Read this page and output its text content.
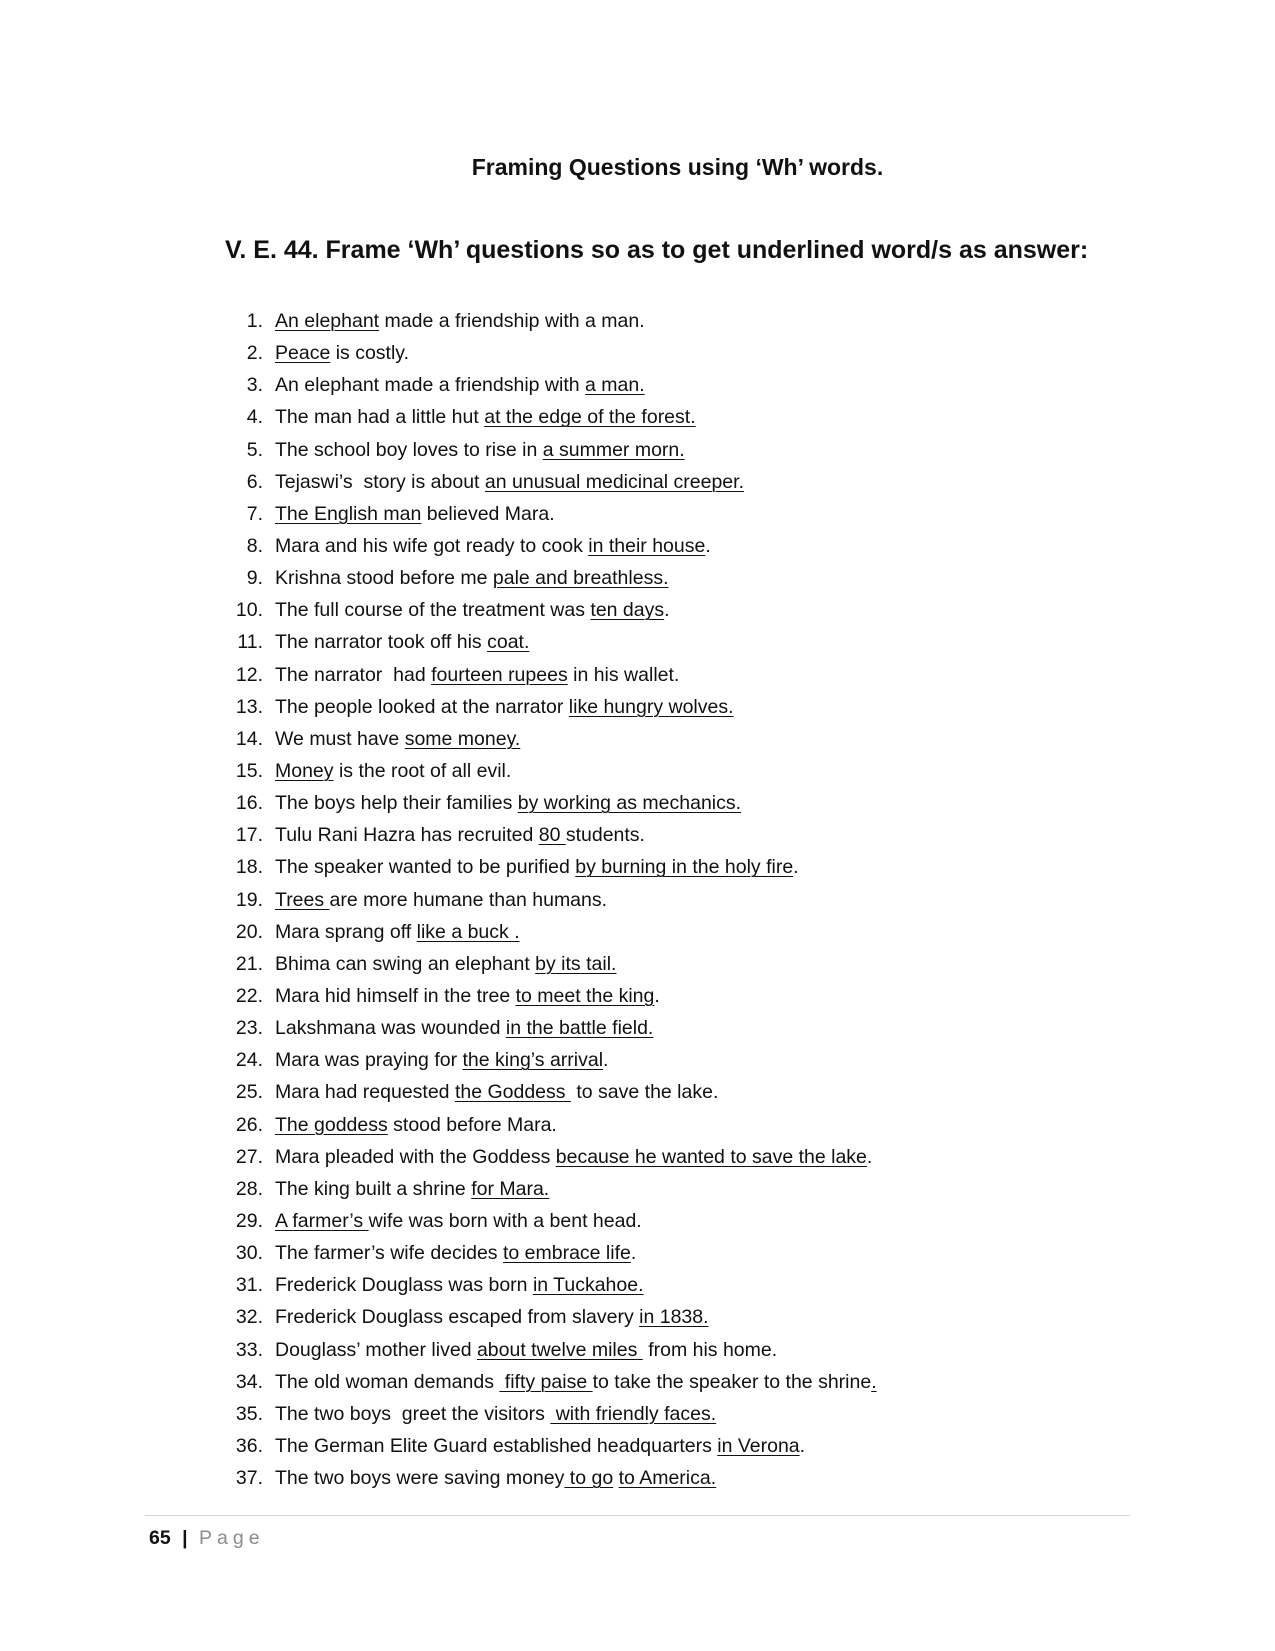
Framing Questions using ‘Wh’ words.
V. E. 44. Frame ‘Wh’ questions so as to get underlined word/s as answer:
1. An elephant made a friendship with a man.
2. Peace is costly.
3. An elephant made a friendship with a man.
4. The man had a little hut at the edge of the forest.
5. The school boy loves to rise in a summer morn.
6. Tejaswi’s  story is about an unusual medicinal creeper.
7. The English man believed Mara.
8. Mara and his wife got ready to cook in their house.
9. Krishna stood before me pale and breathless.
10. The full course of the treatment was ten days.
11. The narrator took off his coat.
12. The narrator  had fourteen rupees in his wallet.
13. The people looked at the narrator like hungry wolves.
14. We must have some money.
15. Money is the root of all evil.
16. The boys help their families by working as mechanics.
17. Tulu Rani Hazra has recruited 80 students.
18. The speaker wanted to be purified by burning in the holy fire.
19. Trees are more humane than humans.
20. Mara sprang off like a buck .
21. Bhima can swing an elephant by its tail.
22. Mara hid himself in the tree to meet the king.
23. Lakshmana was wounded in the battle field.
24. Mara was praying for the king’s arrival.
25. Mara had requested the Goddess  to save the lake.
26. The goddess stood before Mara.
27. Mara pleaded with the Goddess because he wanted to save the lake.
28. The king built a shrine for Mara.
29. A farmer’s wife was born with a bent head.
30. The farmer’s wife decides to embrace life.
31. Frederick Douglass was born in Tuckahoe.
32. Frederick Douglass escaped from slavery in 1838.
33. Douglass’ mother lived about twelve miles  from his home.
34. The old woman demands  fifty paise to take the speaker to the shrine.
35. The two boys  greet the visitors  with friendly faces.
36. The German Elite Guard established headquarters in Verona.
37. The two boys were saving money to go to America.
65 | Page
